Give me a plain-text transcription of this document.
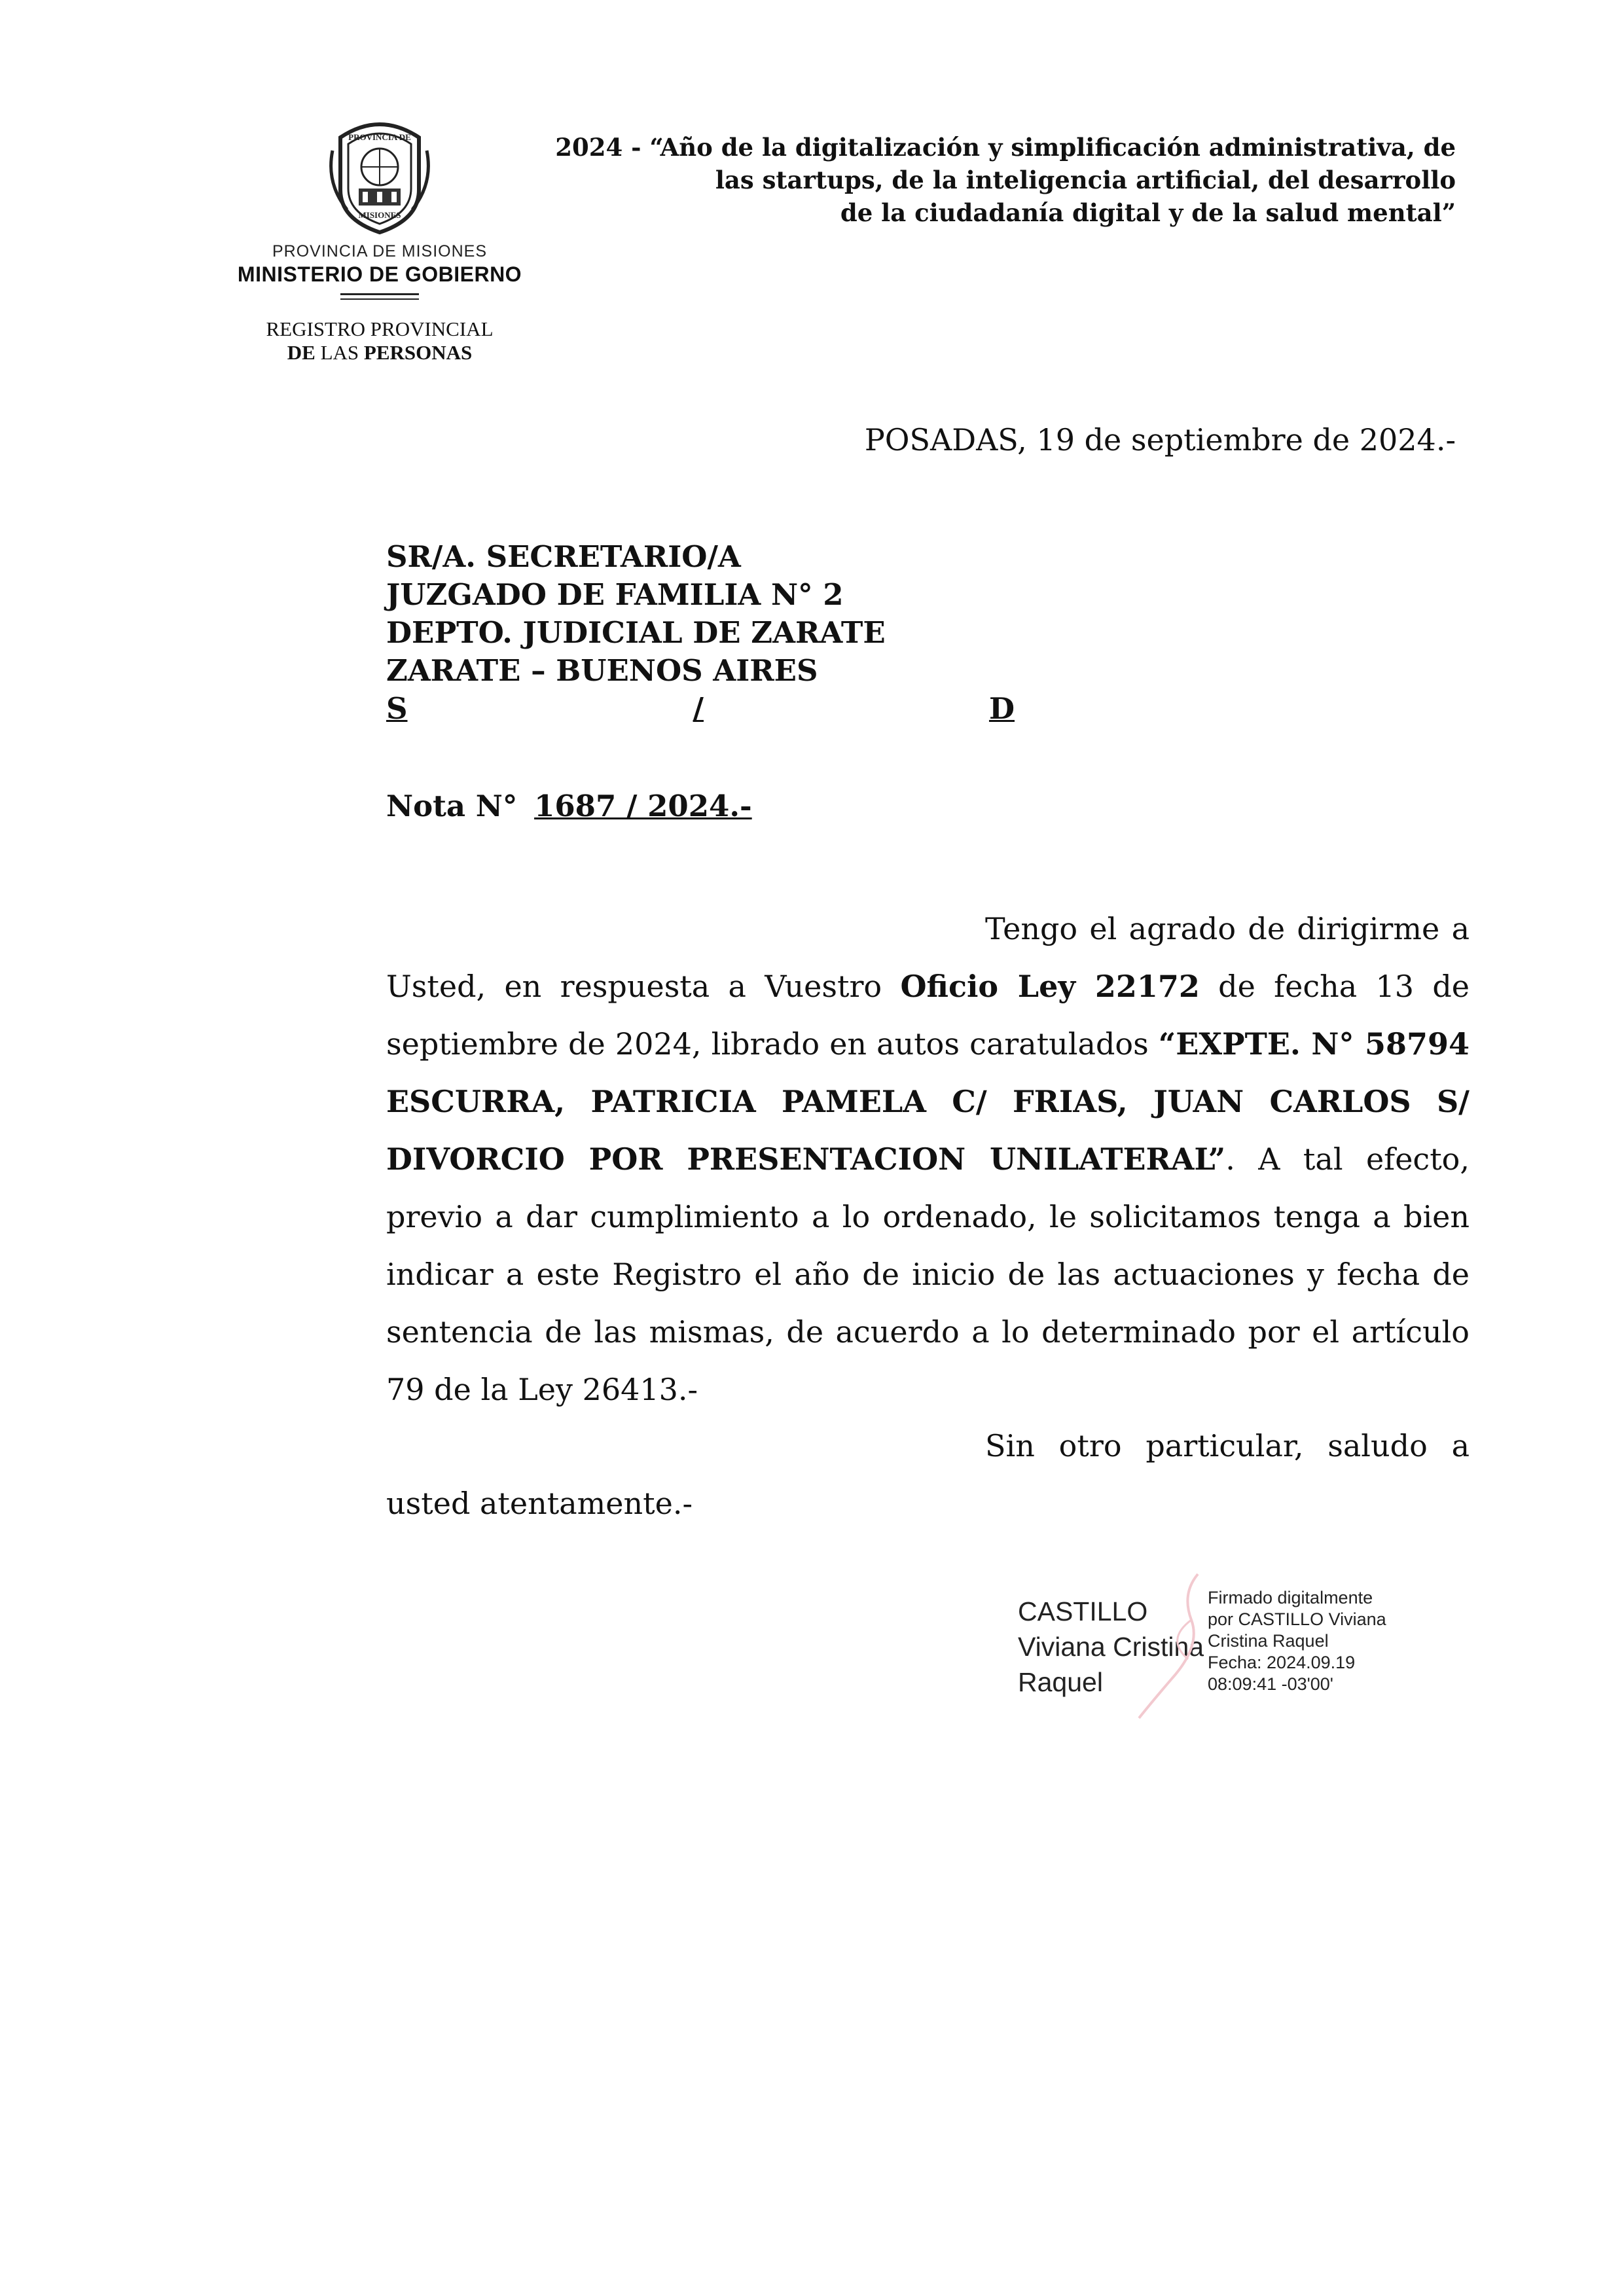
PROVINCIA DE
MISIONES
PROVINCIA DE MISIONES
MINISTERIO DE GOBIERNO
REGISTRO PROVINCIAL
DE LAS PERSONAS
2024 - “Año de la digitalización y simplificación administrativa, de
las startups, de la inteligencia artificial, del desarrollo
de la ciudadanía digital y de la salud mental”
POSADAS, 19 de septiembre de 2024.-
SR/A. SECRETARIO/A
JUZGADO DE FAMILIA N° 2
DEPTO. JUDICIAL DE ZARATE
ZARATE – BUENOS AIRES
S	/	D
Nota N° 1687 / 2024.-
Tengo el agrado de dirigirme a Usted, en respuesta a Vuestro Oficio Ley 22172 de fecha 13 de septiembre de 2024, librado en autos caratulados “EXPTE. N° 58794 ESCURRA, PATRICIA PAMELA C/ FRIAS, JUAN CARLOS S/ DIVORCIO POR PRESENTACION UNILATERAL”. A tal efecto, previo a dar cumplimiento a lo ordenado, le solicitamos tenga a bien indicar a este Registro el año de inicio de las actuaciones y fecha de sentencia de las mismas, de acuerdo a lo determinado por el artículo 79 de la Ley 26413.-
Sin otro particular, saludo a usted atentamente.-
CASTILLO
Viviana Cristina
Raquel
Firmado digitalmente
por CASTILLO Viviana
Cristina Raquel
Fecha: 2024.09.19
08:09:41 -03'00'
